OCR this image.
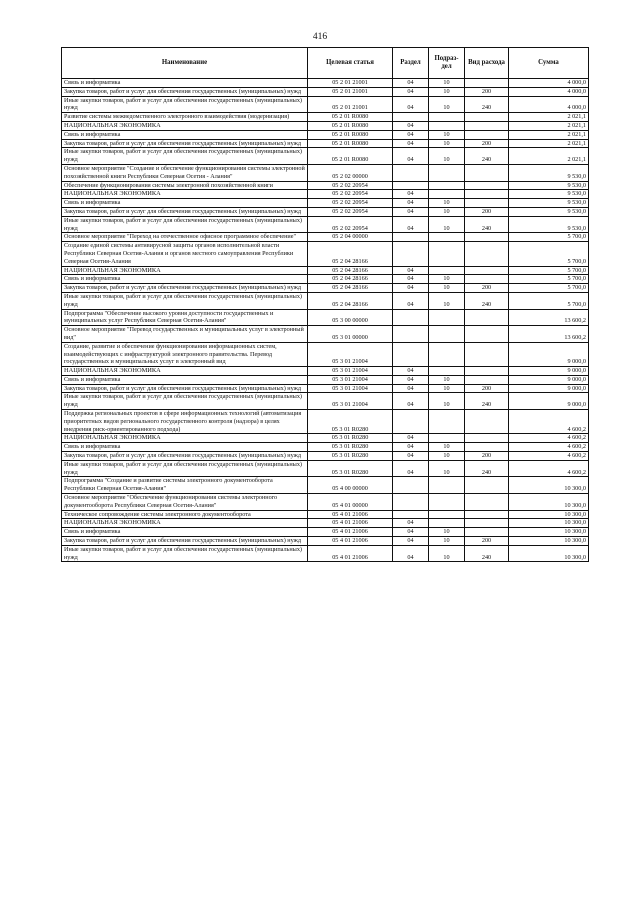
416
Наименование	Целевая статья	Раздел	Подраз-дел	Вид расхода	Сумма
Связь и информатика	05 2 01 21001	04	10		4 000,0
Закупка товаров, работ и услуг для обеспечения государственных (муниципальных) нужд	05 2 01 21001	04	10	200	4 000,0
Иные закупки товаров, работ и услуг для обеспечения государственных (муниципальных) нужд	05 2 01 21001	04	10	240	4 000,0
Развитие системы межведомственного электронного взаимодействия (модернизация)	05 2 01 R0080				2 021,1
НАЦИОНАЛЬНАЯ ЭКОНОМИКА	05 2 01 R0080	04			2 021,1
Связь и информатика	05 2 01 R0080	04	10		2 021,1
Закупка товаров, работ и услуг для обеспечения государственных (муниципальных) нужд	05 2 01 R0080	04	10	200	2 021,1
Иные закупки товаров, работ и услуг для обеспечения государственных (муниципальных) нужд	05 2 01 R0080	04	10	240	2 021,1
Основное мероприятие "Создание и обеспечение функционирования системы электронной похозяйственной книги Республики Северная Осетия - Алания"	05 2 02 00000				9 530,0
Обеспечение функционирования системы электронной похозяйственной книги	05 2 02 20954				9 530,0
НАЦИОНАЛЬНАЯ ЭКОНОМИКА	05 2 02 20954	04			9 530,0
Связь и информатика	05 2 02 20954	04	10		9 530,0
Закупка товаров, работ и услуг для обеспечения государственных (муниципальных) нужд	05 2 02 20954	04	10	200	9 530,0
Иные закупки товаров, работ и услуг для обеспечения государственных (муниципальных) нужд	05 2 02 20954	04	10	240	9 530,0
Основное мероприятие "Переход на отечественное офисное программное обеспечение"	05 2 04 00000				5 700,0
Создание единой системы антивирусной защиты органов исполнительной власти Республики Северная Осетия-Алания и органов местного самоуправления Республики Северная Осетия-Алания	05 2 04 28166				5 700,0
НАЦИОНАЛЬНАЯ ЭКОНОМИКА	05 2 04 28166	04			5 700,0
Связь и информатика	05 2 04 28166	04	10		5 700,0
Закупка товаров, работ и услуг для обеспечения государственных (муниципальных) нужд	05 2 04 28166	04	10	200	5 700,0
Иные закупки товаров, работ и услуг для обеспечения государственных (муниципальных) нужд	05 2 04 28166	04	10	240	5 700,0
Подпрограмма "Обеспечение высокого уровня доступности государственных и муниципальных услуг Республики Северная Осетия-Алания"	05 3 00 00000				13 600,2
Основное мероприятие "Перевод государственных и муниципальных услуг в электронный вид"	05 3 01 00000				13 600,2
Создание, развитие и обеспечение функционирования информационных систем, взаимодействующих с инфраструктурой электронного правительства. Перевод государственных и муниципальных услуг в электронный вид	05 3 01 21004				9 000,0
НАЦИОНАЛЬНАЯ ЭКОНОМИКА	05 3 01 21004	04			9 000,0
Связь и информатика	05 3 01 21004	04	10		9 000,0
Закупка товаров, работ и услуг для обеспечения государственных (муниципальных) нужд	05 3 01 21004	04	10	200	9 000,0
Иные закупки товаров, работ и услуг для обеспечения государственных (муниципальных) нужд	05 3 01 21004	04	10	240	9 000,0
Поддержка региональных проектов в сфере информационных технологий (автоматизация приоритетных видов регионального государственного контроля (надзора) в целях внедрения риск-ориентированного подхода)	05 3 01 R0280				4 600,2
НАЦИОНАЛЬНАЯ ЭКОНОМИКА	05 3 01 R0280	04			4 600,2
Связь и информатика	05 3 01 R0280	04	10		4 600,2
Закупка товаров, работ и услуг для обеспечения государственных (муниципальных) нужд	05 3 01 R0280	04	10	200	4 600,2
Иные закупки товаров, работ и услуг для обеспечения государственных (муниципальных) нужд	05 3 01 R0280	04	10	240	4 600,2
Подпрограмма "Создание и развитие системы электронного документооборота Республики Северная Осетия-Алания"	05 4 00 00000				10 300,0
Основное мероприятие "Обеспечение функционирования системы электронного документооборота Республики Северная Осетия-Алания"	05 4 01 00000				10 300,0
Техническое сопровождение системы электронного документооборота	05 4 01 21006				10 300,0
НАЦИОНАЛЬНАЯ ЭКОНОМИКА	05 4 01 21006	04			10 300,0
Связь и информатика	05 4 01 21006	04	10		10 300,0
Закупка товаров, работ и услуг для обеспечения государственных (муниципальных) нужд	05 4 01 21006	04	10	200	10 300,0
Иные закупки товаров, работ и услуг для обеспечения государственных (муниципальных) нужд	05 4 01 21006	04	10	240	10 300,0
